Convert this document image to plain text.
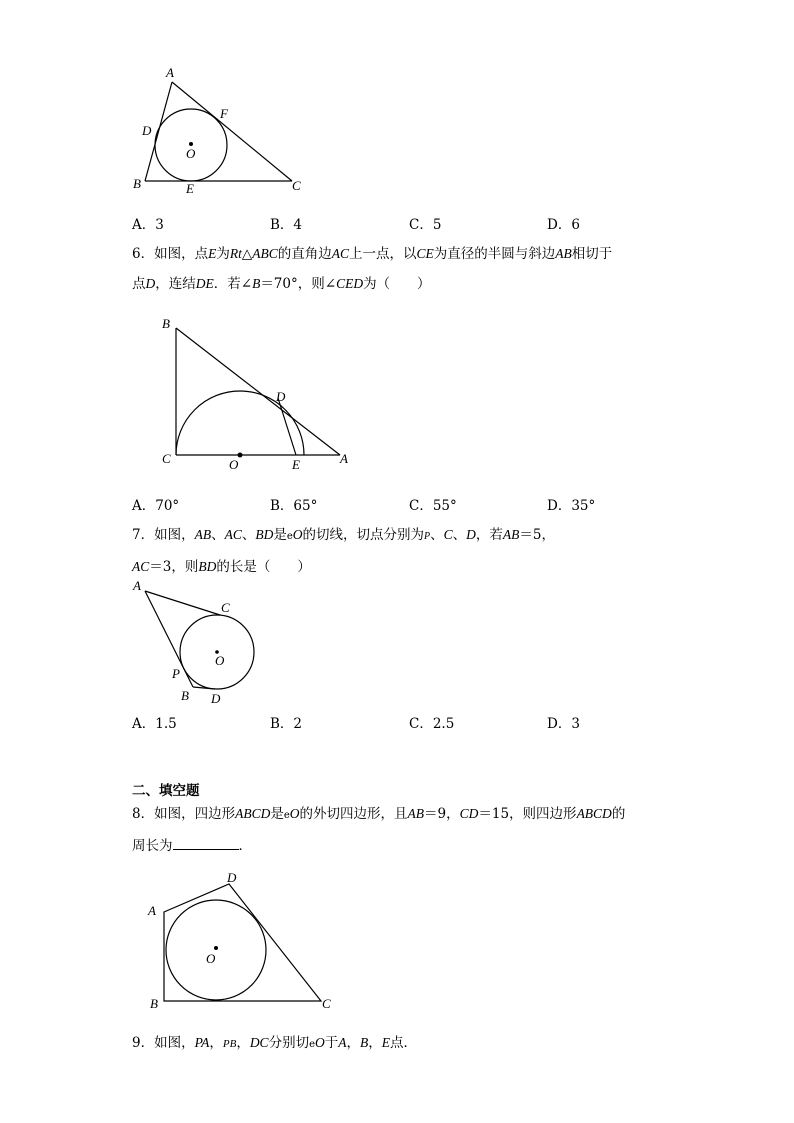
A
B	C
D
E
F
O
A．3	B．4	C．5	D．6
6．如图，点E为Rt△ABC的直角边AC上一点，以CE为直径的半圆与斜边AB相切于
点D，连结DE．若∠B＝70°，则∠CED为（　　）
B
C	A
D
E
O
A．70°	B．65°	C．55°	D．35°
7．如图，AB、AC、BD是eO的切线，切点分别为P、C、D，若AB＝5，
AC＝3，则BD的长是（　　）
A
C
P
B D
O
A．1.5	B．2	C．2.5	D．3
二、填空题
8．如图，四边形ABCD是eO的外切四边形，且AB＝9，CD＝15，则四边形ABCD的
周长为	．
A
B	C
D
O
9．如图，PA，PB，DC分别切eO于A，B，E点．
